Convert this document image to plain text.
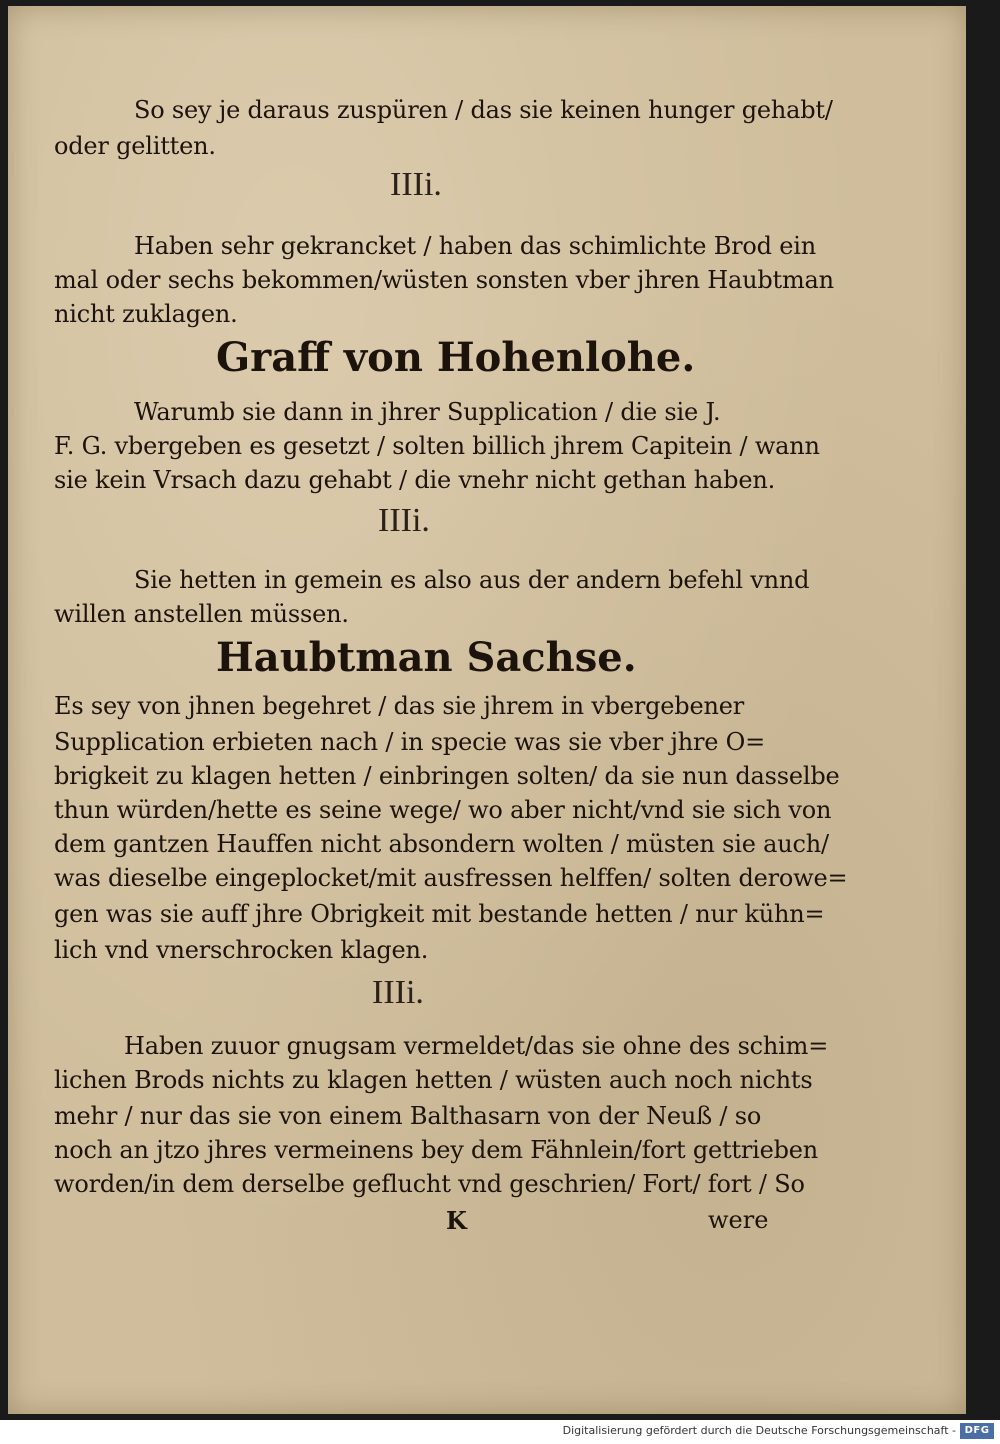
So sey je daraus zuspüren / das sie keinen hunger gehabt/
oder gelitten.
IIIi.
Haben sehr gekrancket / haben das schimlichte Brod ein
mal oder sechs bekommen/wüsten sonsten vber jhren Haubtman
nicht zuklagen.
Graff von Hohenlohe.
Warumb sie dann in jhrer Supplication / die sie J.
F. G. vbergeben es gesetzt / solten billich jhrem Capitein / wann
sie kein Vrsach dazu gehabt / die vnehr nicht gethan haben.
IIIi.
Sie hetten in gemein es also aus der andern befehl vnnd
willen anstellen müssen.
Haubtman Sachse.
Es sey von jhnen begehret / das sie jhrem in vbergebener
Supplication erbieten nach / in specie was sie vber jhre O=
brigkeit zu klagen hetten / einbringen solten/ da sie nun dasselbe
thun würden/hette es seine wege/ wo aber nicht/vnd sie sich von
dem gantzen Hauffen nicht absondern wolten / müsten sie auch/
was dieselbe eingeplocket/mit ausfressen helffen/ solten derowe=
gen was sie auff jhre Obrigkeit mit bestande hetten / nur kühn=
lich vnd vnerschrocken klagen.
IIIi.
Haben zuuor gnugsam vermeldet/das sie ohne des schim=
lichen Brods nichts zu klagen hetten / wüsten auch noch nichts
mehr / nur das sie von einem Balthasarn von der Neuß / so
noch an jtzo jhres vermeinens bey dem Fähnlein/fort gettrieben
worden/in dem derselbe geflucht vnd geschrien/ Fort/ fort / So
K	were
Digitalisierung gefördert durch die Deutsche Forschungsgemeinschaft - DFG
